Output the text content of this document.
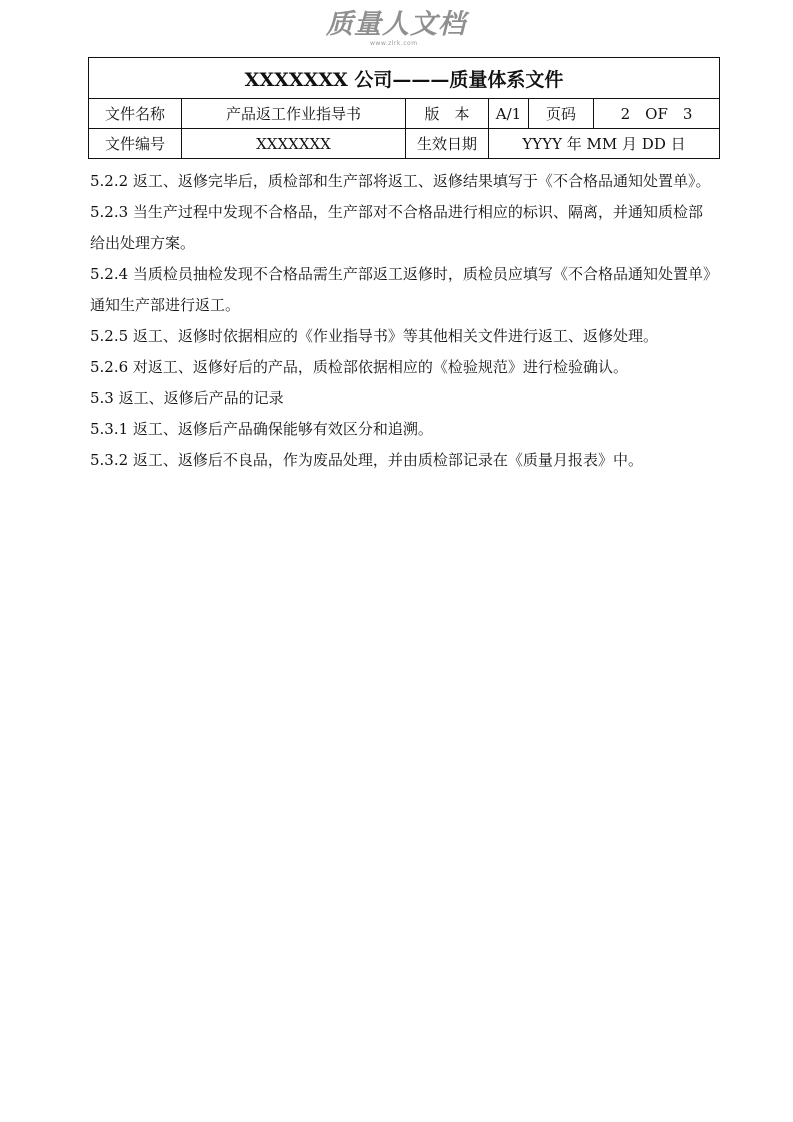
质量人文档
www.zlrk.com
XXXXXXX 公司———质量体系文件					
文件名称	产品返工作业指导书	版　本	A/1	页码	2　OF　3
文件编号	XXXXXXX	生效日期	YYYY 年 MM 月 DD 日		

5.2.2 返工、返修完毕后，质检部和生产部将返工、返修结果填写于《不合格品通知处置单》。

5.2.3 当生产过程中发现不合格品，生产部对不合格品进行相应的标识、隔离，并通知质检部给出处理方案。

5.2.4 当质检员抽检发现不合格品需生产部返工返修时，质检员应填写《不合格品通知处置单》通知生产部进行返工。

5.2.5 返工、返修时依据相应的《作业指导书》等其他相关文件进行返工、返修处理。

5.2.6 对返工、返修好后的产品，质检部依据相应的《检验规范》进行检验确认。

5.3 返工、返修后产品的记录

5.3.1 返工、返修后产品确保能够有效区分和追溯。

5.3.2 返工、返修后不良品，作为废品处理，并由质检部记录在《质量月报表》中。
